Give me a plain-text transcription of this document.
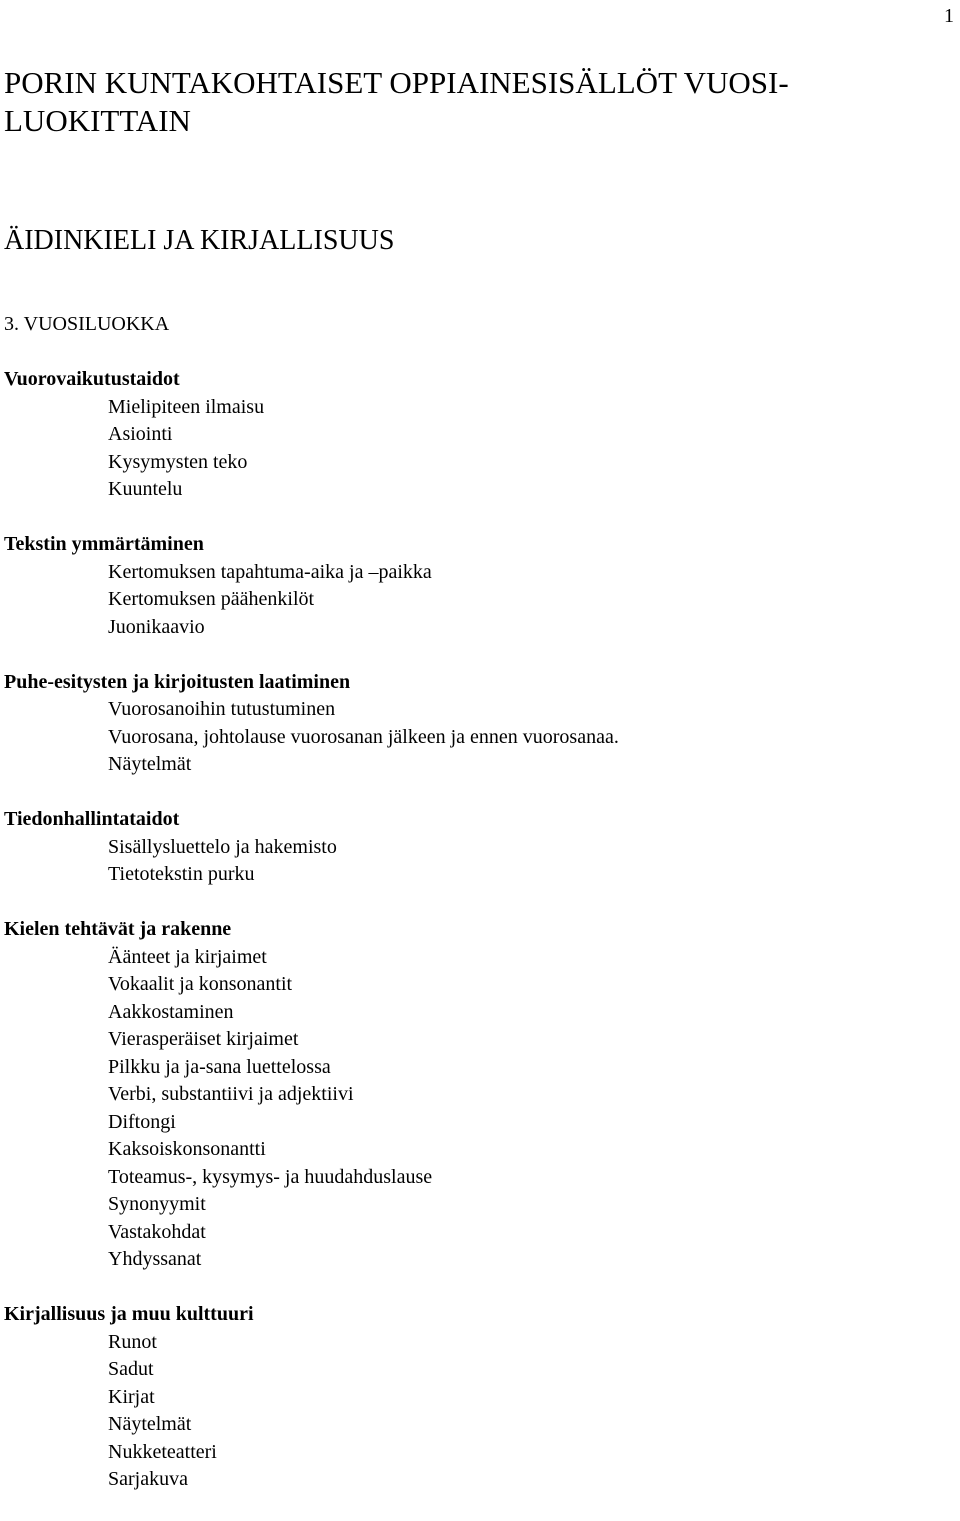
1
PORIN KUNTAKOHTAISET OPPIAINESISÄLLÖT VUOSI-LUOKITTAIN
ÄIDINKIELI JA KIRJALLISUUS
3. VUOSILUOKKA
Vuorovaikutustaidot
Mielipiteen ilmaisu
Asiointi
Kysymysten teko
Kuuntelu
Tekstin ymmärtäminen
Kertomuksen tapahtuma-aika ja –paikka
Kertomuksen päähenkilöt
Juonikaavio
Puhe-esitysten ja kirjoitusten laatiminen
Vuorosanoihin tutustuminen
Vuorosana, johtolause vuorosanan jälkeen ja ennen vuorosanaa.
Näytelmät
Tiedonhallintataidot
Sisällysluettelo ja hakemisto
Tietotekstin purku
Kielen tehtävät ja rakenne
Äänteet ja kirjaimet
Vokaalit ja konsonantit
Aakkostaminen
Vierasperäiset kirjaimet
Pilkku ja ja-sana luettelossa
Verbi, substantiivi ja adjektiivi
Diftongi
Kaksoiskonsonantti
Toteamus-, kysymys- ja huudahduslause
Synonyymit
Vastakohdat
Yhdyssanat
Kirjallisuus ja muu kulttuuri
Runot
Sadut
Kirjat
Näytelmät
Nukketeatteri
Sarjakuva
